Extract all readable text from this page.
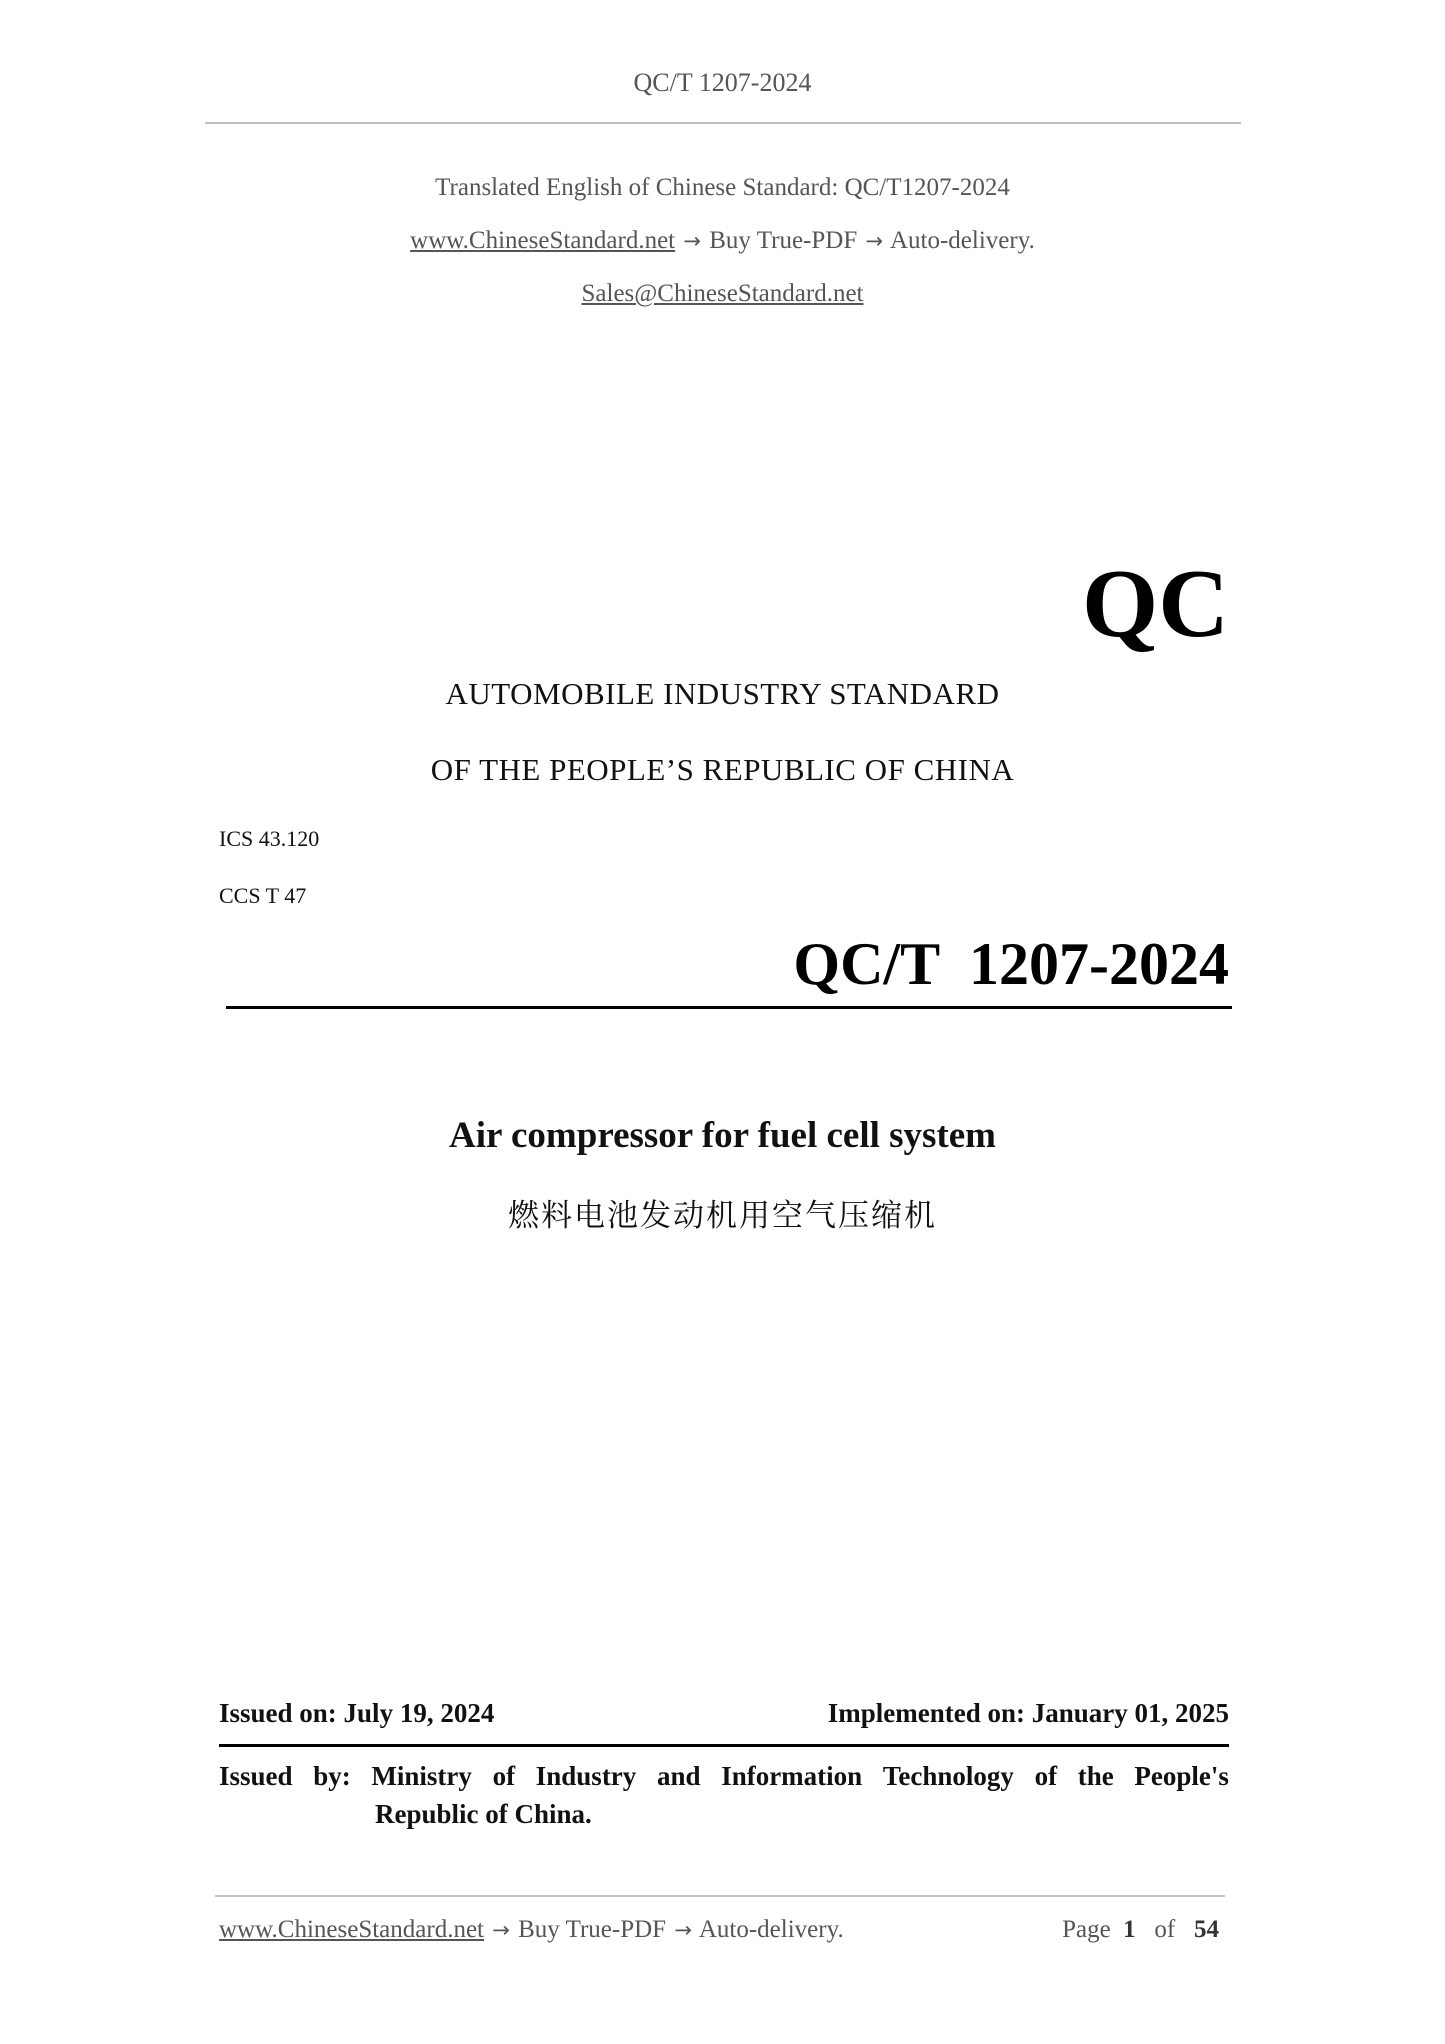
QC/T 1207-2024
Translated English of Chinese Standard: QC/T1207-2024
www.ChineseStandard.net → Buy True-PDF → Auto-delivery.
Sales@ChineseStandard.net
QC
AUTOMOBILE INDUSTRY STANDARD
OF THE PEOPLE’S REPUBLIC OF CHINA
ICS 43.120
CCS T 47
QC/T  1207-2024
Air compressor for fuel cell system
燃料电池发动机用空气压缩机
Issued on: July 19, 2024	Implemented on: January 01, 2025
Issued by: Ministry of Industry and Information Technology of the People's
Republic of China.
www.ChineseStandard.net → Buy True-PDF → Auto-delivery.	Page 1 of 54
